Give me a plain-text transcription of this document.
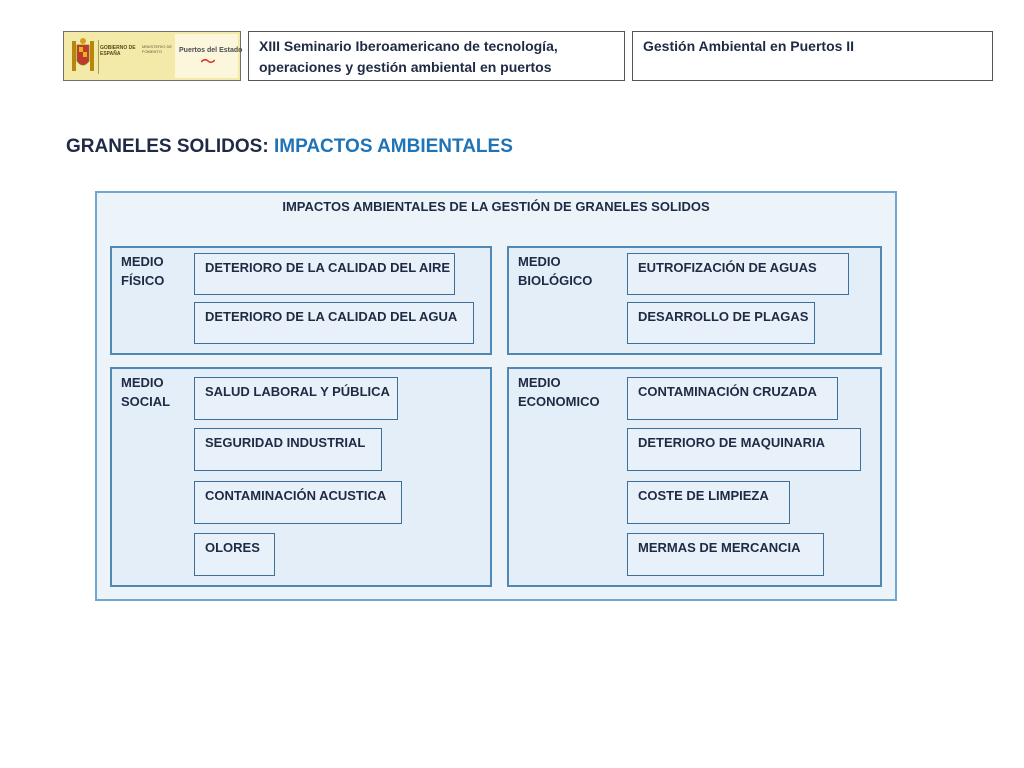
GOBIERNO DE ESPAÑA
MINISTERIO DE FOMENTO	Puertos del Estado XIII Seminario Iberoamericano de tecnología,
operaciones y gestión ambiental en puertos
Gestión Ambiental en Puertos II
GRANELES SOLIDOS: IMPACTOS AMBIENTALES
IMPACTOS AMBIENTALES DE LA GESTIÓN DE GRANELES SOLIDOS
MEDIO
FÍSICO
DETERIORO DE LA CALIDAD DEL AIRE
DETERIORO DE LA CALIDAD DEL AGUA
MEDIO
BIOLÓGICO
EUTROFIZACIÓN DE AGUAS
DESARROLLO DE PLAGAS
MEDIO
SOCIAL
SALUD LABORAL Y PÚBLICA
SEGURIDAD INDUSTRIAL
CONTAMINACIÓN ACUSTICA
OLORES
MEDIO
ECONOMICO
CONTAMINACIÓN CRUZADA
DETERIORO DE MAQUINARIA
COSTE DE LIMPIEZA
MERMAS DE MERCANCIA
